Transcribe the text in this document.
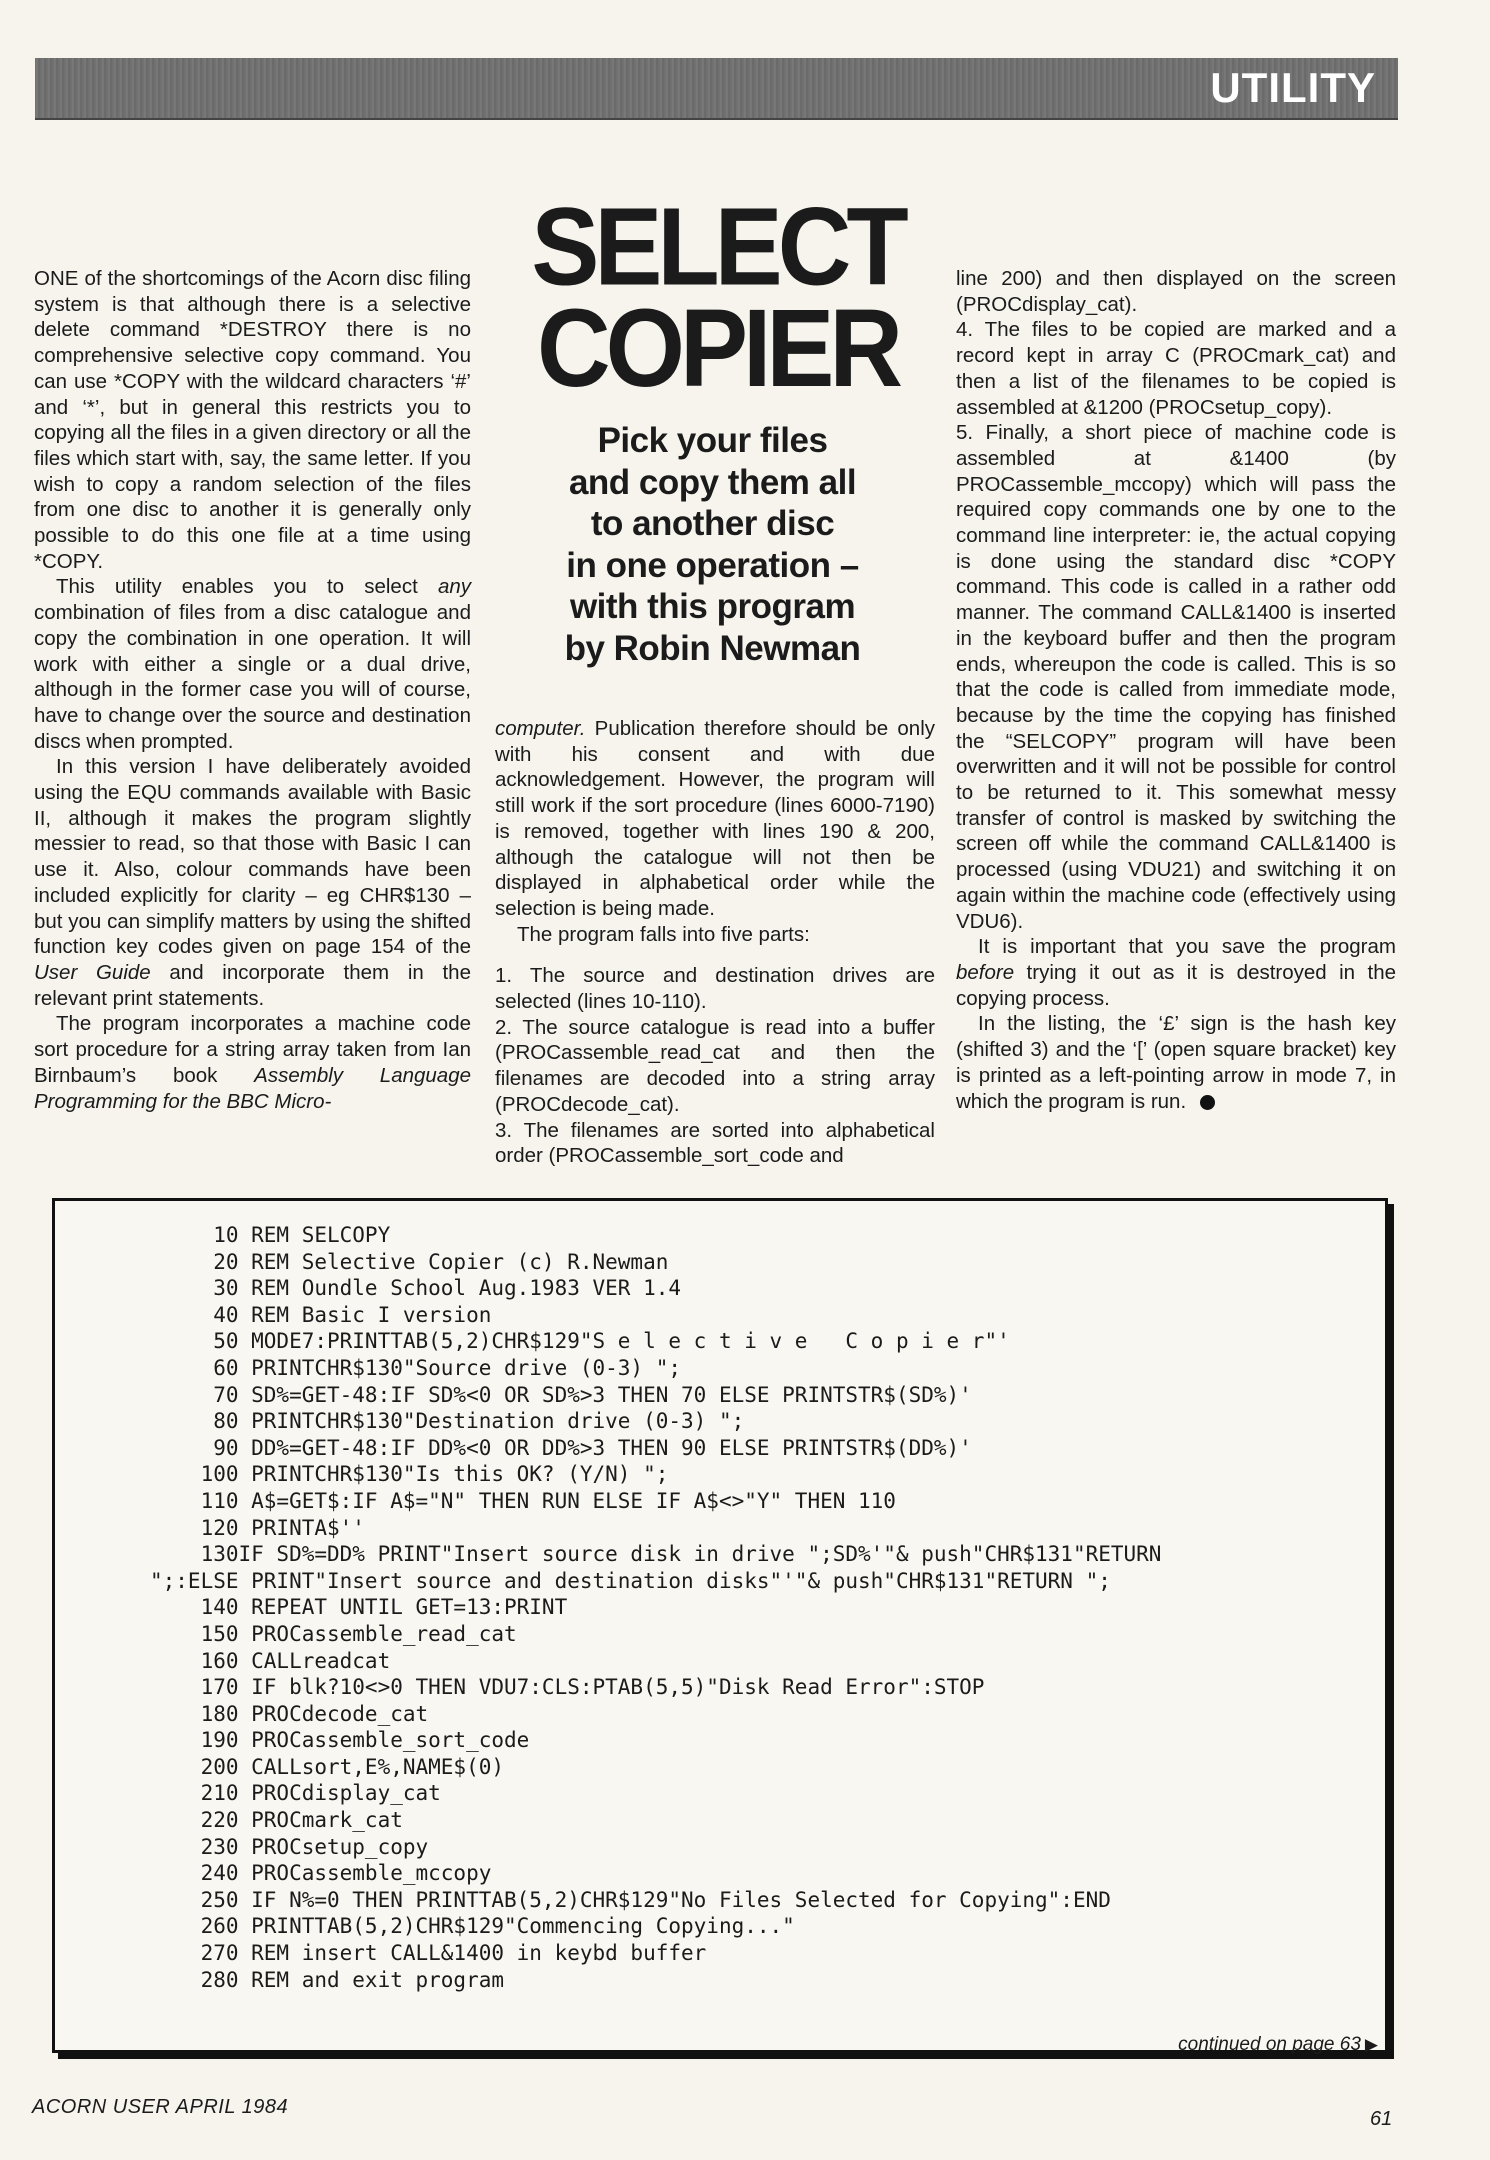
UTILITY

ONE of the shortcomings of the Acorn disc filing system is that although there is a selective delete command *DESTROY there is no comprehensive selective copy command. You can use *COPY with the wildcard characters ‘#’ and ‘*’, but in general this restricts you to copying all the files in a given directory or all the files which start with, say, the same letter. If you wish to copy a random selection of the files from one disc to another it is generally only possible to do this one file at a time using *COPY.

This utility enables you to select any combination of files from a disc catalogue and copy the combination in one operation. It will work with either a single or a dual drive, although in the former case you will of course, have to change over the source and destination discs when prompted.

In this version I have deliberately avoided using the EQU commands available with Basic II, although it makes the program slightly messier to read, so that those with Basic I can use it. Also, colour commands have been included explicitly for clarity – eg CHR$130 – but you can simplify matters by using the shifted function key codes given on page 154 of the User Guide and incorporate them in the relevant print statements.

The program incorporates a machine code sort procedure for a string array taken from Ian Birnbaum’s book Assembly Language Programming for the BBC Micro-

SELECT
COPIER
Pick your files
and copy them all
to another disc
in one operation –
with this program
by Robin Newman

computer. Publication therefore should be only with his consent and with due acknowledgement. However, the program will still work if the sort procedure (lines 6000-7190) is removed, together with lines 190 & 200, although the catalogue will not then be displayed in alphabetical order while the selection is being made.

The program falls into five parts:

1. The source and destination drives are selected (lines 10-110).

2. The source catalogue is read into a buffer (PROCassemble_read_cat and then the filenames are decoded into a string array (PROCdecode_cat).

3. The filenames are sorted into alphabetical order (PROCassemble_sort_code and

line 200) and then displayed on the screen (PROCdisplay_cat).

4. The files to be copied are marked and a record kept in array C (PROCmark_cat) and then a list of the filenames to be copied is assembled at &1200 (PROCsetup_copy).

5. Finally, a short piece of machine code is assembled at &1400 (by PROCassemble_mccopy) which will pass the required copy commands one by one to the command line interpreter: ie, the actual copying is done using the standard disc *COPY command. This code is called in a rather odd manner. The command CALL&1400 is inserted in the keyboard buffer and then the program ends, whereupon the code is called. This is so that the code is called from immediate mode, because by the time the copying has finished the “SELCOPY” program will have been overwritten and it will not be possible for control to be returned to it. This somewhat messy transfer of control is masked by switching the screen off while the command CALL&1400 is processed (using VDU21) and switching it on again within the machine code (effectively using VDU6).

It is important that you save the program before trying it out as it is destroyed in the copying process.

In the listing, the ‘£’ sign is the hash key (shifted 3) and the ‘[’ (open square bracket) key is printed as a left-pointing arrow in mode 7, in which the program is run.

10 REM SELCOPY
20 REM Selective Copier (c) R.Newman
30 REM Oundle School Aug.1983 VER 1.4
40 REM Basic I version
50 MODE7:PRINTTAB(5,2)CHR$129"S e l e c t i v e   C o p i e r"'
60 PRINTCHR$130"Source drive (0-3) ";
70 SD%=GET-48:IF SD%<0 OR SD%>3 THEN 70 ELSE PRINTSTR$(SD%)'
80 PRINTCHR$130"Destination drive (0-3) ";
90 DD%=GET-48:IF DD%<0 OR DD%>3 THEN 90 ELSE PRINTSTR$(DD%)'
100 PRINTCHR$130"Is this OK? (Y/N) ";
110 A$=GET$:IF A$="N" THEN RUN ELSE IF A$<>"Y" THEN 110
120 PRINTA$''
130IF SD%=DD% PRINT"Insert source disk in drive ";SD%'"& push"CHR$131"RETURN
";:ELSE PRINT"Insert source and destination disks"'"& push"CHR$131"RETURN ";
140 REPEAT UNTIL GET=13:PRINT
150 PROCassemble_read_cat
160 CALLreadcat
170 IF blk?10<>0 THEN VDU7:CLS:PTAB(5,5)"Disk Read Error":STOP
180 PROCdecode_cat
190 PROCassemble_sort_code
200 CALLsort,E%,NAME$(0)
210 PROCdisplay_cat
220 PROCmark_cat
230 PROCsetup_copy
240 PROCassemble_mccopy
250 IF N%=0 THEN PRINTTAB(5,2)CHR$129"No Files Selected for Copying":END
260 PRINTTAB(5,2)CHR$129"Commencing Copying..."
270 REM insert CALL&1400 in keybd buffer
280 REM and exit program
continued on page 63 ▶
ACORN USER APRIL 1984
61
